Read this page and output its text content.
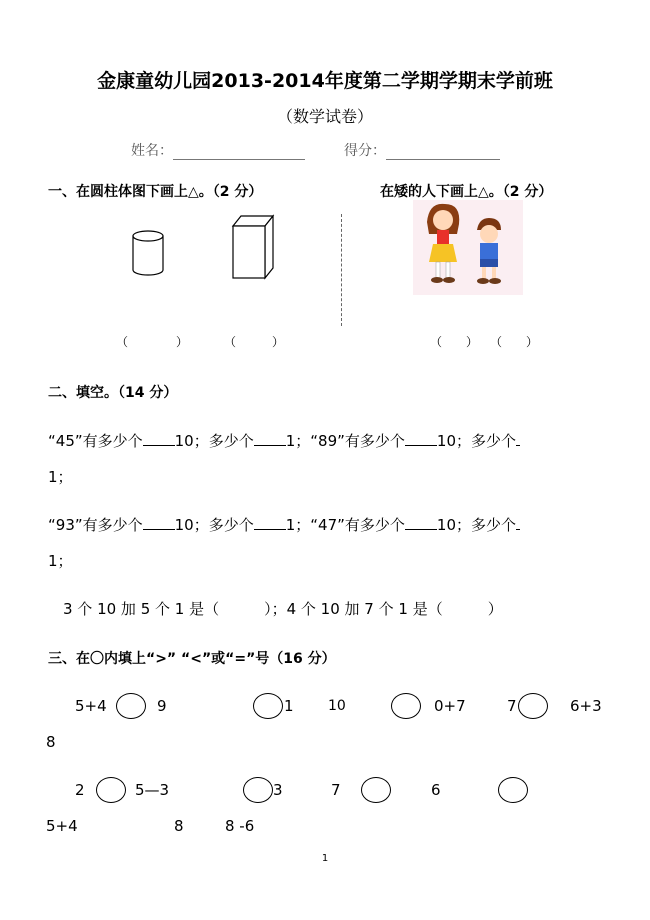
金康童幼儿园2013-2014年度第二学期学期末学前班
（数学试卷）
姓名：	得分：
一、在圆柱体图下画上△。（2 分）	在矮的人下画上△。（2 分）
（　　　　）	（　　　）	（　　） （　　）
二、填空。（14 分）
“45”有多少个 10；多少个 1；“89”有多少个 10；多少个
1；
“93”有多少个 10；多少个 1；“47”有多少个 10；多少个
1；
3 个 10 加 5 个 1 是（　　　）；4 个 10 加 7 个 1 是（　　　）
三、在〇内填上“>” “<”或“=”号（16 分）
5+4	9	1 10	0+7	7	6+3
8
2	5—3	3	7	6
5+4	8	8 -6
1
